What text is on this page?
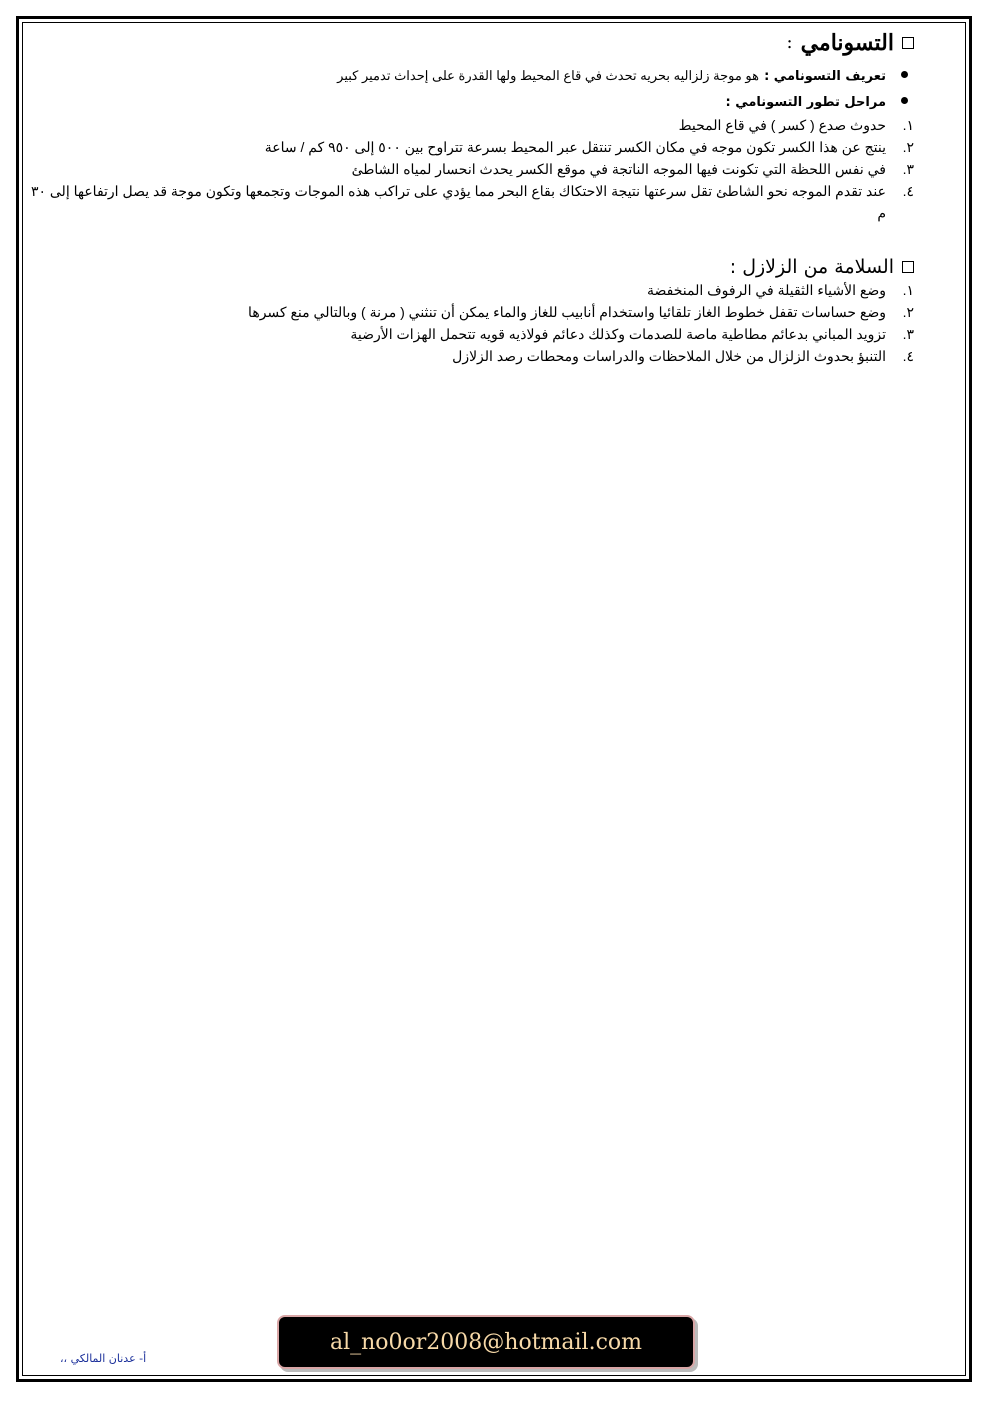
التسونامي
:
تعريف التسونامي : هو موجة زلزاليه بحريه تحدث في قاع المحيط ولها القدرة على إحداث تدمير كبير
مراحل تطور التسونامي :
١.
حدوث صدع ( كسر ) في قاع المحيط
٢.
ينتج عن هذا الكسر تكون موجه في مكان الكسر تنتقل عبر المحيط بسرعة تتراوح بين ٥٠٠ إلى ٩٥٠ كم / ساعة
٣.
في نفس اللحظة التي تكونت فيها الموجه الناتجة في موقع الكسر يحدث انحسار لمياه الشاطئ
٤.
عند تقدم الموجه نحو الشاطئ تقل سرعتها نتيجة الاحتكاك بقاع البحر مما يؤدي على تراكب هذه الموجات وتجمعها وتكون موجة قد يصل ارتفاعها إلى ٣٠ م
السلامة من الزلازل :
١.
وضع الأشياء الثقيلة في الرفوف المنخفضة
٢.
وضع حساسات تقفل خطوط الغاز تلقائيا واستخدام أنابيب للغاز والماء يمكن أن تنثني ( مرنة ) وبالتالي منع كسرها
٣.
تزويد المباني بدعائم مطاطية ماصة للصدمات وكذلك دعائم فولاذيه قويه تتحمل الهزات الأرضية
٤.
التنبؤ بحدوث الزلزال من خلال الملاحظات والدراسات ومحطات رصد الزلازل
al_no0or2008@hotmail.com
أ- عدنان المالكي ،،
